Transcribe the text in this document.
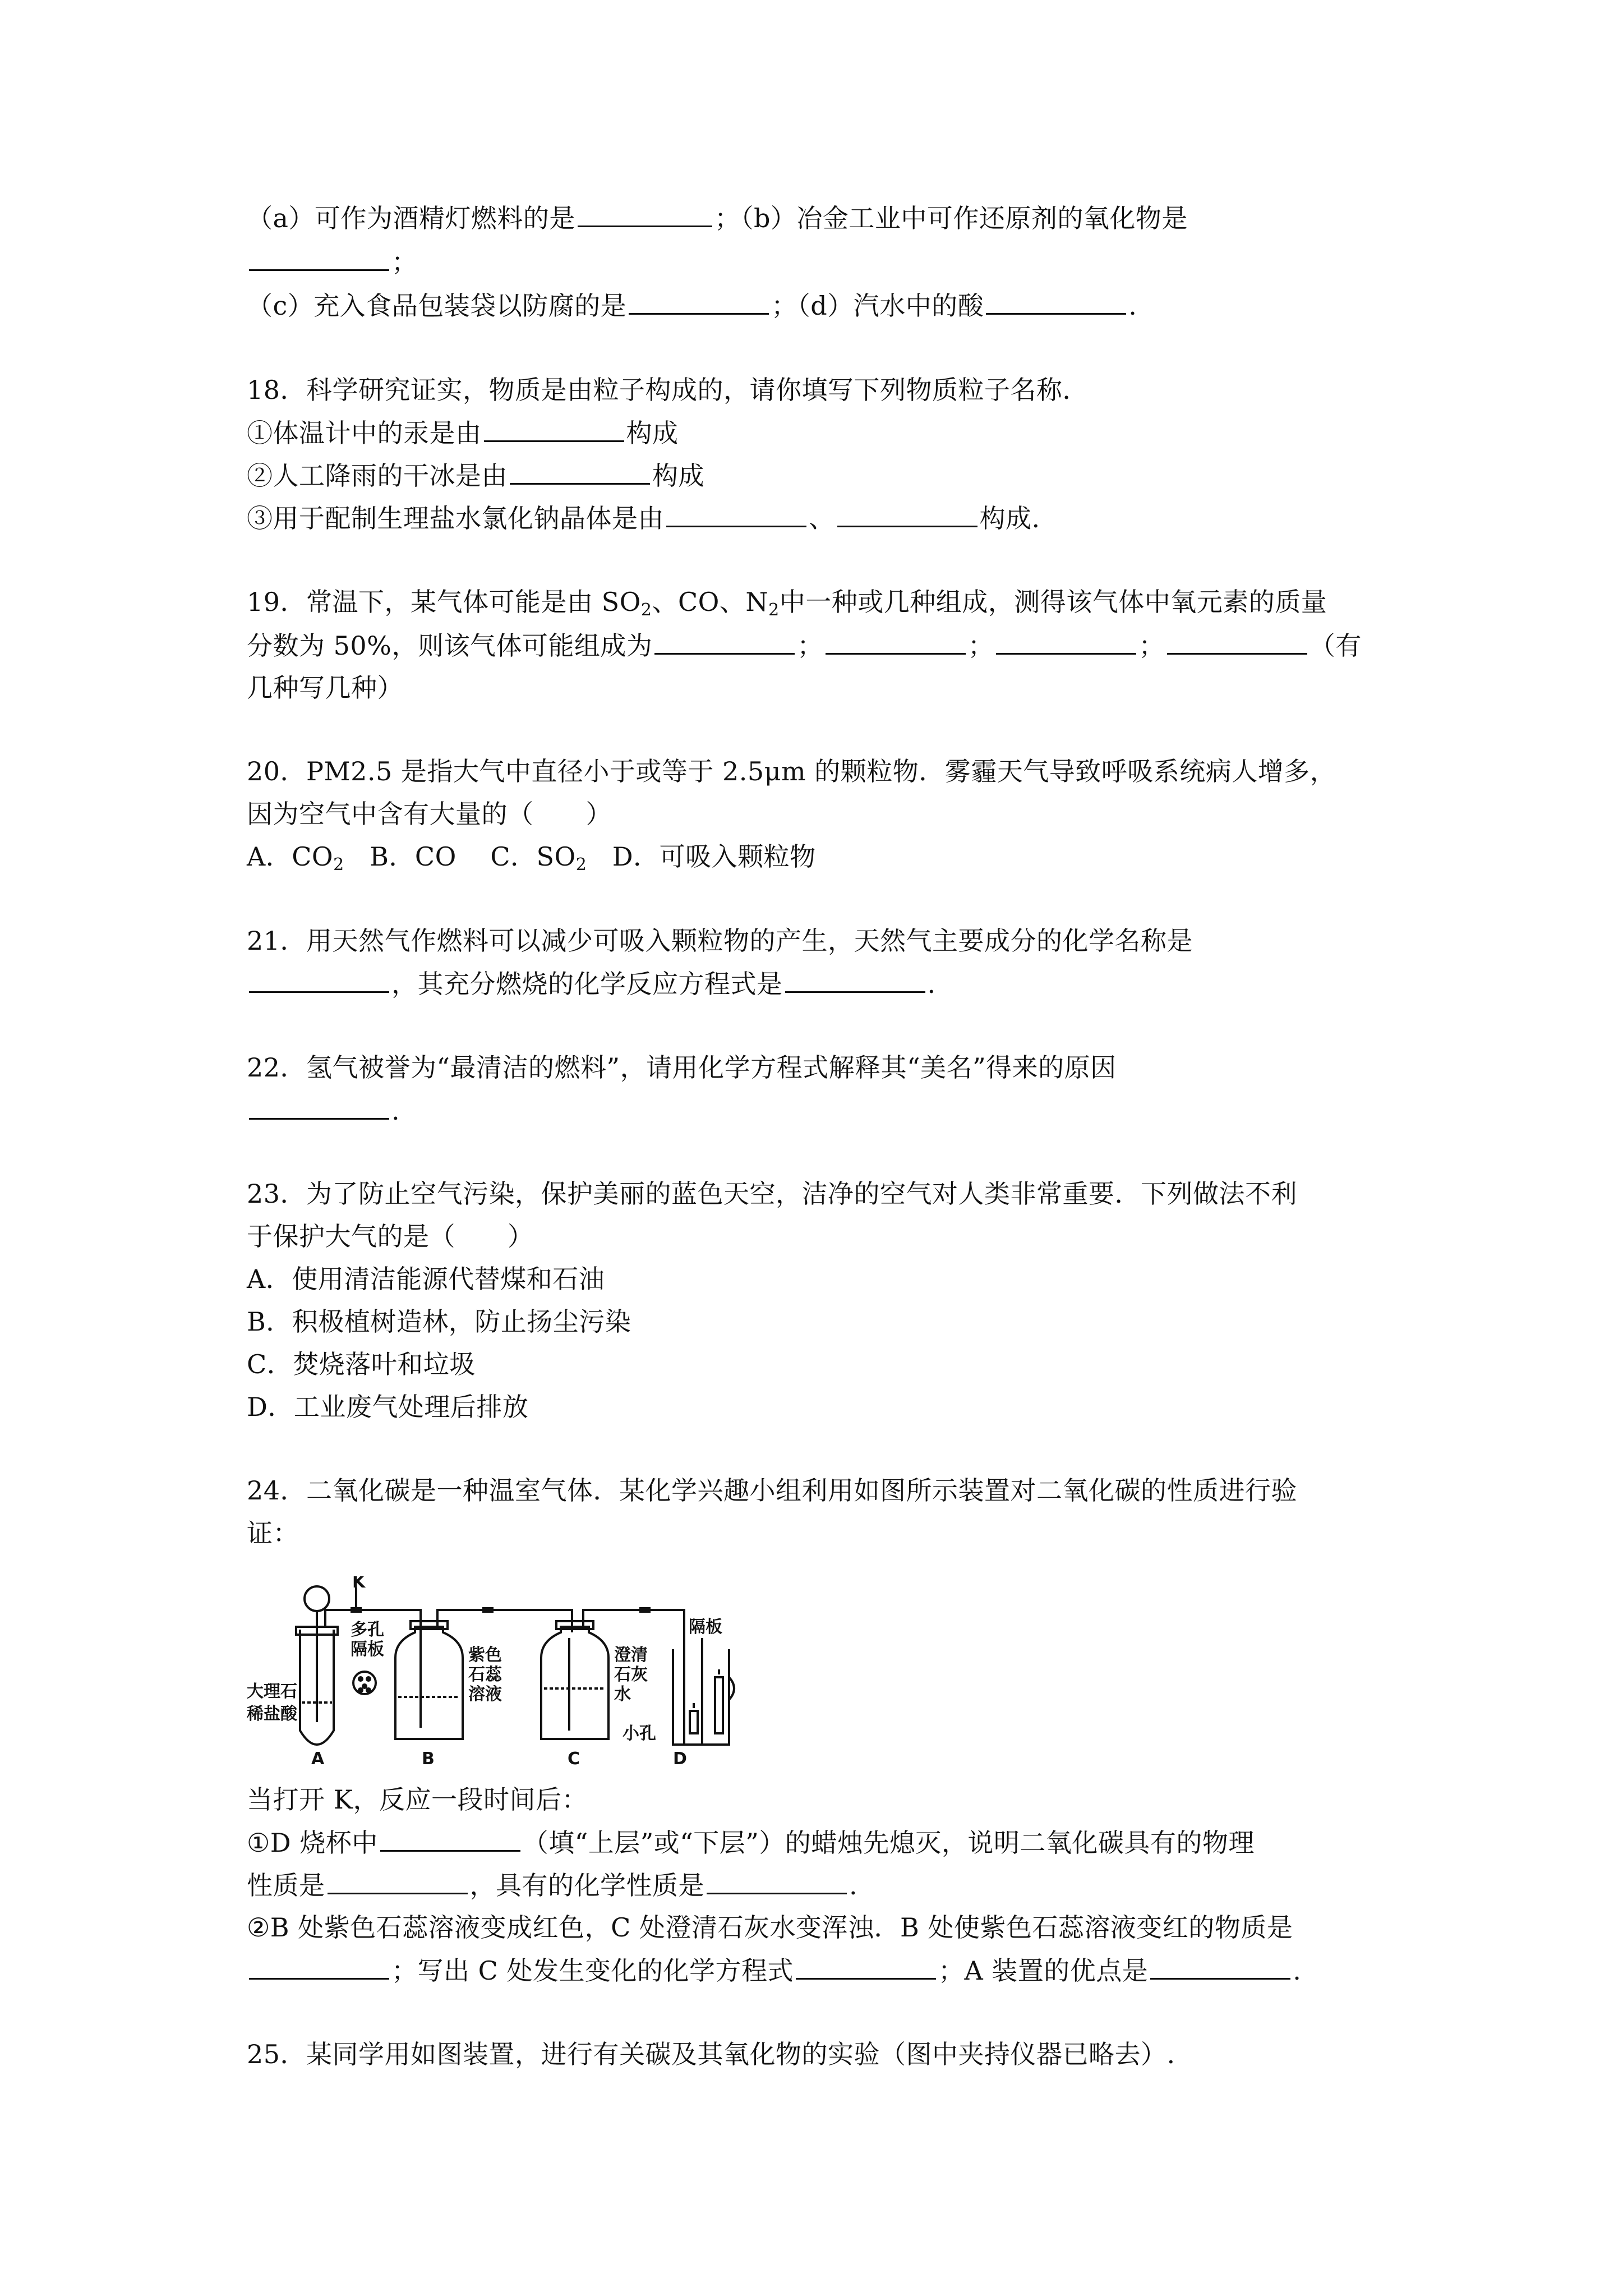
（a）可作为酒精灯燃料的是	；（b）冶金工业中可作还原剂的氧化物是
；
（c）充入食品包装袋以防腐的是	；（d）汽水中的酸	.
18．科学研究证实，物质是由粒子构成的，请你填写下列物质粒子名称．
①体温计中的汞是由	构成
②人工降雨的干冰是由	构成
③用于配制生理盐水氯化钠晶体是由	、	构成.
19．常温下，某气体可能是由 $SO_2$、CO、$N_2$中一种或几种组成，测得该气体中氧元素的质量
分数为 50%，则该气体可能组成为	；	；	；	（有
几种写几种）
20．PM2.5 是指大气中直径小于或等于 2.5μm 的颗粒物．雾霾天气导致呼吸系统病人增多，
因为空气中含有大量的（　　）
A．$CO_2$ B．CO C．$SO_2$ D．可吸入颗粒物
21．用天然气作燃料可以减少可吸入颗粒物的产生，天然气主要成分的化学名称是
，其充分燃烧的化学反应方程式是	.
22．氢气被誉为“最清洁的燃料”，请用化学方程式解释其“美名”得来的原因
.
23．为了防止空气污染，保护美丽的蓝色天空，洁净的空气对人类非常重要．下列做法不利
于保护大气的是（　　）
A．使用清洁能源代替煤和石油
B．积极植树造林，防止扬尘污染
C．焚烧落叶和垃圾
D．工业废气处理后排放
24．二氧化碳是一种温室气体．某化学兴趣小组利用如图所示装置对二氧化碳的性质进行验
证：
K
多孔
隔板
大理石
稀盐酸
紫色
石蕊
溶液
澄清
石灰
水
隔板
小孔
A	B	C	D
当打开 K，反应一段时间后：
①D 烧杯中	（填“上层”或“下层”）的蜡烛先熄灭，说明二氧化碳具有的物理
性质是	，具有的化学性质是	.
②B 处紫色石蕊溶液变成红色，C 处澄清石灰水变浑浊．B 处使紫色石蕊溶液变红的物质是
；写出 C 处发生变化的化学方程式	；A 装置的优点是	.
25．某同学用如图装置，进行有关碳及其氧化物的实验（图中夹持仪器已略去）.
